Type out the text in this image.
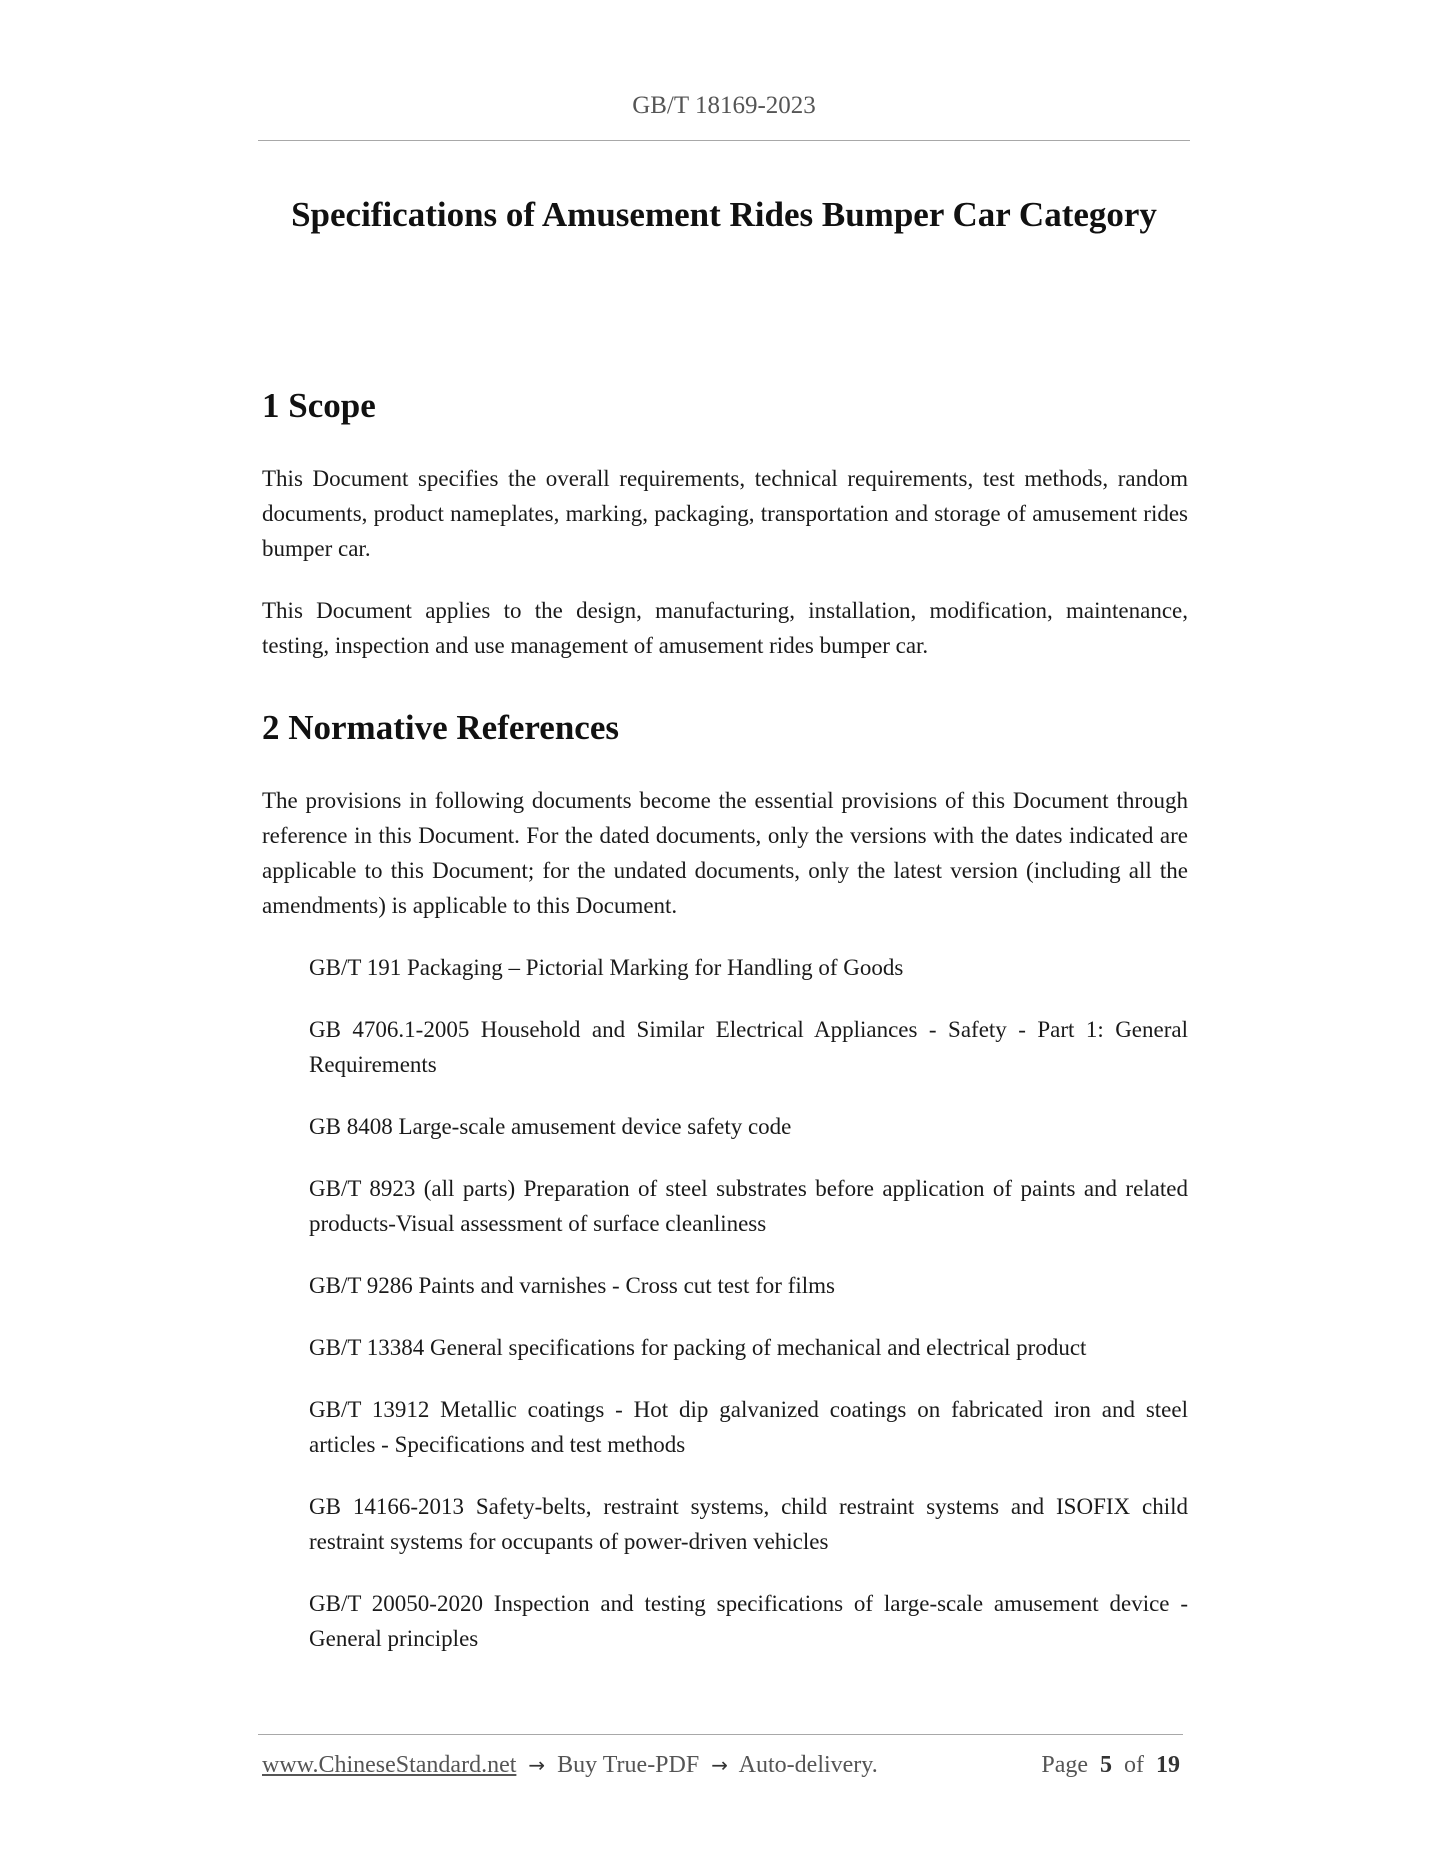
GB/T 18169-2023
Specifications of Amusement Rides Bumper Car Category
1 Scope

This Document specifies the overall requirements, technical requirements, test methods, random documents, product nameplates, marking, packaging, transportation and storage of amusement rides bumper car.

This Document applies to the design, manufacturing, installation, modification, maintenance, testing, inspection and use management of amusement rides bumper car.

2 Normative References

The provisions in following documents become the essential provisions of this Document through reference in this Document. For the dated documents, only the versions with the dates indicated are applicable to this Document; for the undated documents, only the latest version (including all the amendments) is applicable to this Document.

GB/T 191 Packaging – Pictorial Marking for Handling of Goods
GB 4706.1-2005 Household and Similar Electrical Appliances - Safety - Part 1: General Requirements
GB 8408 Large-scale amusement device safety code
GB/T 8923 (all parts) Preparation of steel substrates before application of paints and related products-Visual assessment of surface cleanliness
GB/T 9286 Paints and varnishes - Cross cut test for films
GB/T 13384 General specifications for packing of mechanical and electrical product
GB/T 13912 Metallic coatings - Hot dip galvanized coatings on fabricated iron and steel articles - Specifications and test methods
GB 14166-2013 Safety-belts, restraint systems, child restraint systems and ISOFIX child restraint systems for occupants of power-driven vehicles
GB/T 20050-2020 Inspection and testing specifications of large-scale amusement device - General principles
www.ChineseStandard.net → Buy True-PDF → Auto-delivery.	Page 5 of 19
